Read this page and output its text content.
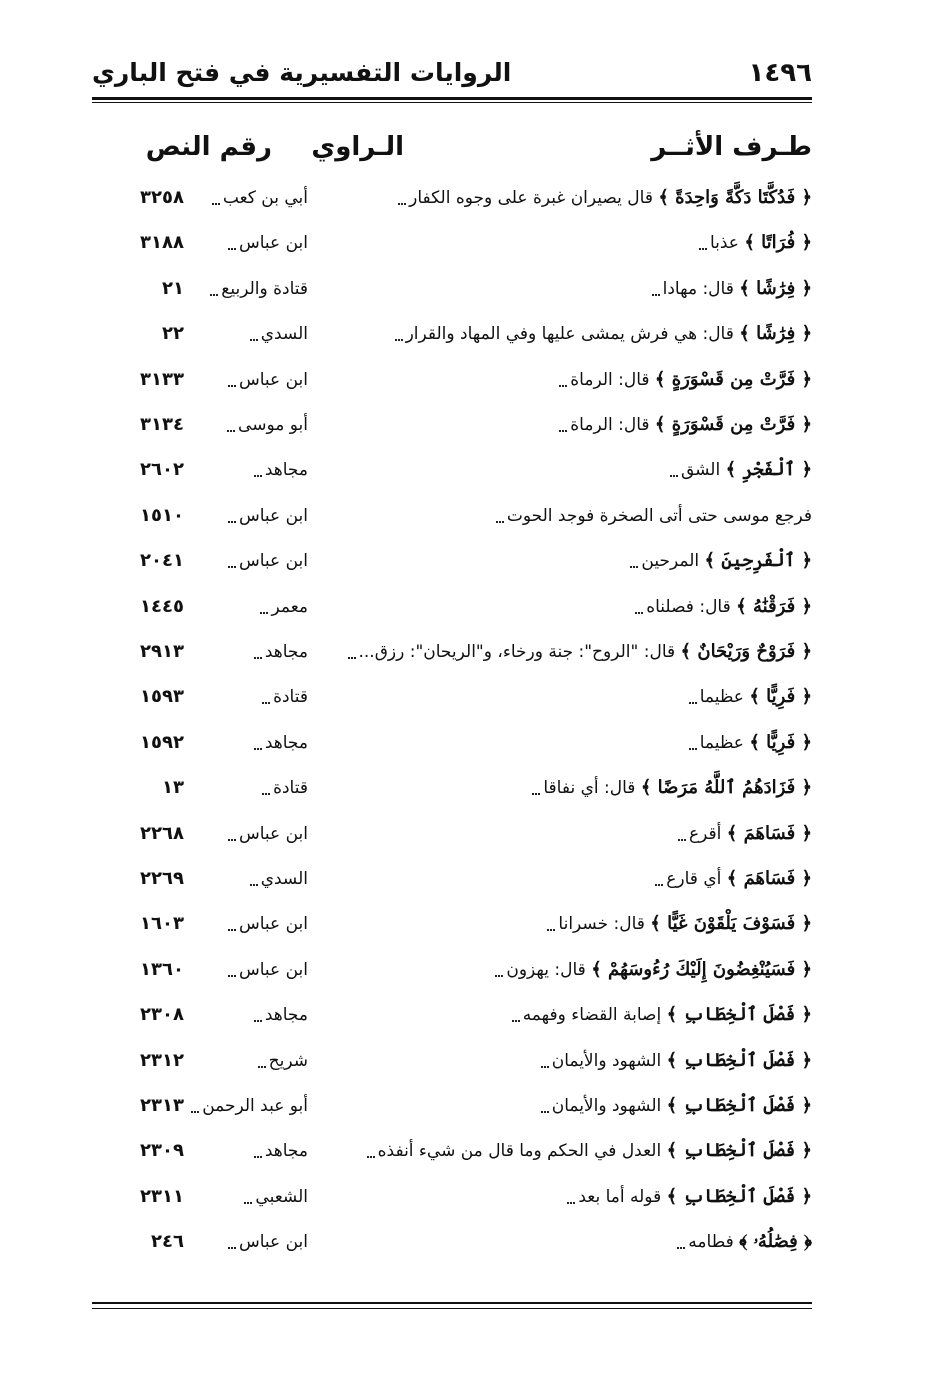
١٤٩٦
الروايات التفسيرية في فتح الباري
طـرف الأثــر
الـراوي
رقم النص
﴿ فَدُكَّتَا دَكَّةً وَاحِدَةً ﴾

قال يصيران غبرة على وجوه الكفار
أبي بن كعب
٣٢٥٨
﴿ فُرَاتًا ﴾

عذبا
ابن عباس
٣١٨٨
﴿ فِرَٰشًا ﴾

قال: مهادا
قتادة والربيع
٢١
﴿ فِرَٰشًا ﴾

قال: هي فرش يمشى عليها وفي المهاد والقرار
السدي
٢٢
﴿ فَرَّتْ مِن قَسْوَرَةٍ ﴾

قال: الرماة
ابن عباس
٣١٣٣
﴿ فَرَّتْ مِن قَسْوَرَةٍ ﴾

قال: الرماة
أبو موسى
٣١٣٤
﴿ ٱلْفَجْرِ ﴾

الشق
مجاهد
٢٦٠٢
فرجع موسى حتى أتى الصخرة فوجد الحوت
ابن عباس
١٥١٠
﴿ ٱلْفَرِحِينَ ﴾

المرحين
ابن عباس
٢٠٤١
﴿ فَرَقْنَٰهُ ﴾

قال: فصلناه
معمر
١٤٤٥
﴿ فَرَوْحٌ وَرَيْحَانٌ ﴾

قال: "الروح": جنة ورخاء، و"الريحان": رزق...
مجاهد
٢٩١٣
﴿ فَرِيًّا ﴾

عظيما
قتادة
١٥٩٣
﴿ فَرِيًّا ﴾

عظيما
مجاهد
١٥٩٢
﴿ فَزَادَهُمُ ٱللَّهُ مَرَضًا ﴾

قال: أي نفاقا
قتادة
١٣
﴿ فَسَاهَمَ ﴾

أقرع
ابن عباس
٢٢٦٨
﴿ فَسَاهَمَ ﴾

أي قارع
السدي
٢٢٦٩
﴿ فَسَوْفَ يَلْقَوْنَ غَيًّا ﴾

قال: خسرانا
ابن عباس
١٦٠٣
﴿ فَسَيُنْغِضُونَ إِلَيْكَ رُءُوسَهُمْ ﴾

قال: يهزون
ابن عباس
١٣٦٠
﴿ فَصْلَ ٱلْخِطَابِ ﴾

إصابة القضاء وفهمه
مجاهد
٢٣٠٨
﴿ فَصْلَ ٱلْخِطَابِ ﴾

الشهود والأيمان
شريح
٢٣١٢
﴿ فَصْلَ ٱلْخِطَابِ ﴾

الشهود والأيمان
أبو عبد الرحمن
٢٣١٣
﴿ فَصْلَ ٱلْخِطَابِ ﴾

العدل في الحكم وما قال من شيء أنفذه
مجاهد
٢٣٠٩
﴿ فَصْلَ ٱلْخِطَابِ ﴾

قوله أما بعد
الشعبي
٢٣١١
﴿ فِصَٰلُهُۥ ﴾

فطامه
ابن عباس
٢٤٦
